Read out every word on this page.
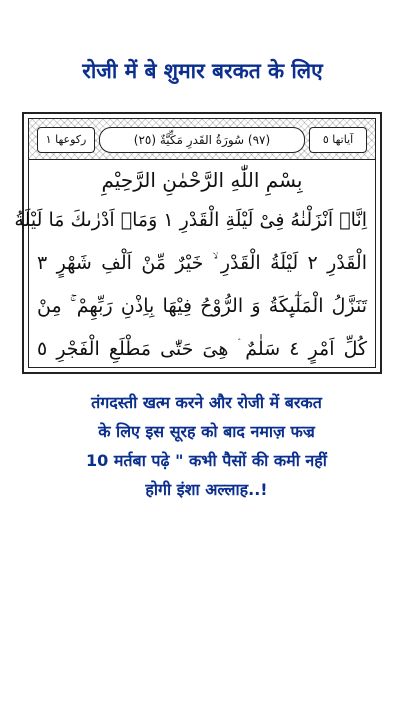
रोजी में बे शुमार बरकत के लिए
آياتها ٥
(٩٧) سُورَةُ القَدرِ مَكِّيَّةٌ (٢٥)
ركوعها ١
بِسْمِ اللّٰهِ الرَّحْمٰنِ الرَّحِيْمِ
اِنَّاۤ اَنْزَلْنٰهُ فِیْ لَیْلَةِ الْقَدْرِ ١ وَمَاۤ اَدْرٰىكَ مَا لَیْلَةُ
الْقَدْرِ ٢ لَیْلَةُ الْقَدْرِ ۙ خَیْرٌ مِّنْ اَلْفِ شَهْرٍ ٣
تَنَزَّلُ الْمَلٰٓىِٕكَةُ وَ الرُّوْحُ فِیْهَا بِاِذْنِ رَبِّهِمْ ۚ مِنْ
كُلِّ اَمْرٍ ٤ سَلٰمٌ ۛ هِیَ حَتّٰى مَطْلَعِ الْفَجْرِ ٥
तंगदस्ती खत्म करने और रोजी में बरकत
के लिए इस सूरह को बाद नमाज़ फज्र
10 मर्तबा पढ़े " कभी पैसों की कमी नहीं
होगी इंशा अल्लाह..!
